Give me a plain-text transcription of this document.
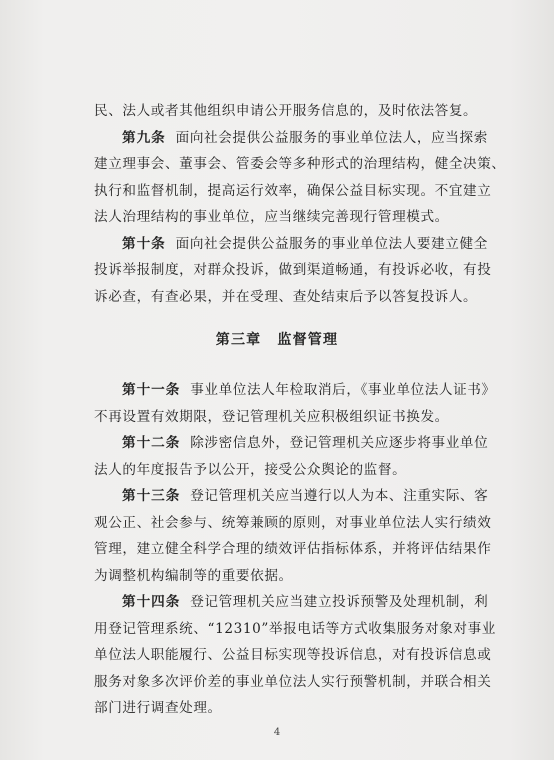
民、法人或者其他组织申请公开服务信息的，及时依法答复。
第九条 面向社会提供公益服务的事业单位法人，应当探索
建立理事会、董事会、管委会等多种形式的治理结构，健全决策、
执行和监督机制，提高运行效率，确保公益目标实现。不宜建立
法人治理结构的事业单位，应当继续完善现行管理模式。
第十条 面向社会提供公益服务的事业单位法人要建立健全
投诉举报制度，对群众投诉，做到渠道畅通，有投诉必收，有投
诉必查，有查必果，并在受理、查处结束后予以答复投诉人。
第三章 监督管理
第十一条 事业单位法人年检取消后，《事业单位法人证书》
不再设置有效期限，登记管理机关应积极组织证书换发。
第十二条 除涉密信息外，登记管理机关应逐步将事业单位
法人的年度报告予以公开，接受公众舆论的监督。
第十三条 登记管理机关应当遵行以人为本、注重实际、客
观公正、社会参与、统筹兼顾的原则，对事业单位法人实行绩效
管理，建立健全科学合理的绩效评估指标体系，并将评估结果作
为调整机构编制等的重要依据。
第十四条 登记管理机关应当建立投诉预警及处理机制，利
用登记管理系统、“12310”举报电话等方式收集服务对象对事业
单位法人职能履行、公益目标实现等投诉信息，对有投诉信息或
服务对象多次评价差的事业单位法人实行预警机制，并联合相关
部门进行调查处理。
4
